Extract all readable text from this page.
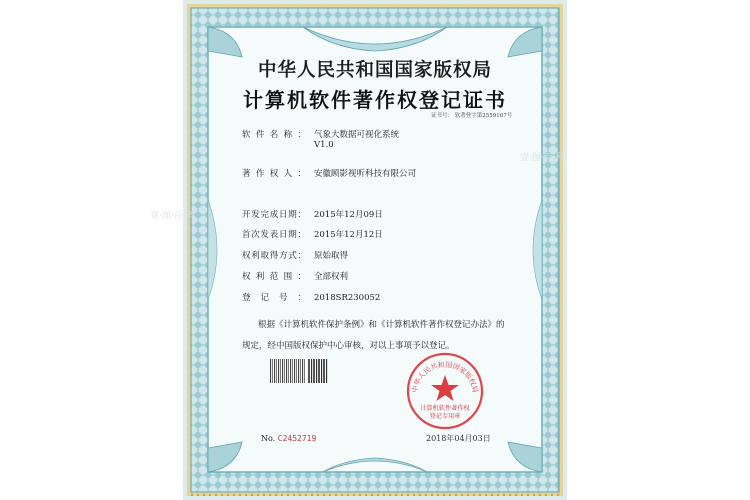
中华人民共和国国家版权局
计算机软件著作权登记证书
证书号： 软著登字第2559167号
软件名称： 气象大数据可视化系统
V1.0
著作权人： 安徽顾影视听科技有限公司
开发完成日期： 2015年12月09日
首次发表日期： 2015年12月12日
权利取得方式： 原始取得
权利范围： 全部权利
登记号： 2018SR230052
根据《计算机软件保护条例》和《计算机软件著作权登记办法》的
规定，经中国版权保护中心审核，对以上事项予以登记。
中华人民共和国国家版权局
计算机软件著作权
登记专用章
No. C2452719	2018年04月03日
壹·图·百·科
壹·图·百·科
